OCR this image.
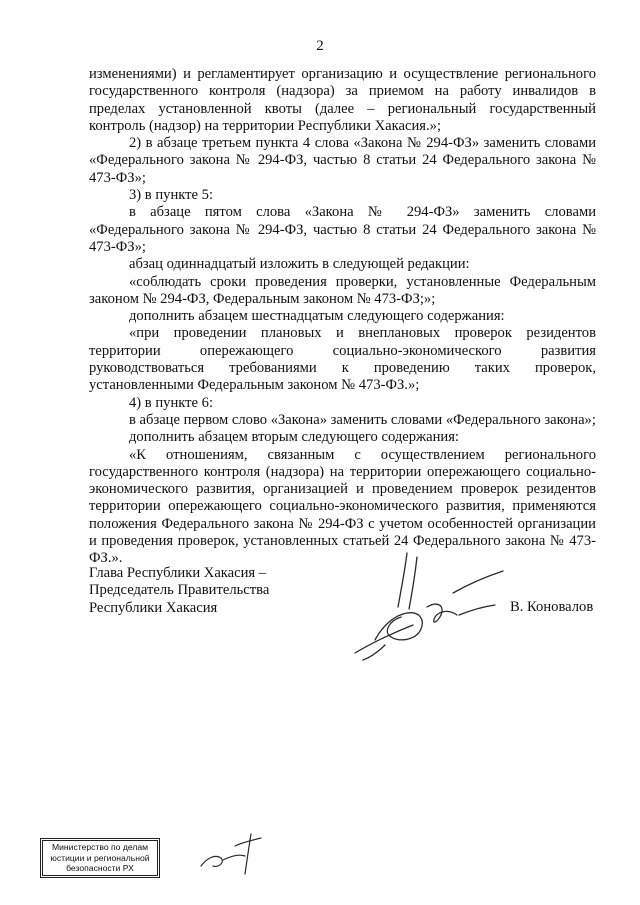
2

изменениями) и регламентирует организацию и осуществление регионального государственного контроля (надзора) за приемом на работу инвалидов в пределах установленной квоты (далее – региональный государственный контроль (надзор) на территории Республики Хакасия.»;

2) в абзаце третьем пункта 4 слова «Закона № 294-ФЗ» заменить словами «Федерального закона № 294-ФЗ, частью 8 статьи 24 Федерального закона № 473-ФЗ»;

3) в пункте 5:

в абзаце пятом слова «Закона № 294-ФЗ» заменить словами «Федерального закона № 294-ФЗ, частью 8 статьи 24 Федерального закона № 473-ФЗ»;

абзац одиннадцатый изложить в следующей редакции:

«соблюдать сроки проведения проверки, установленные Федеральным законом № 294-ФЗ, Федеральным законом № 473-ФЗ;»;

дополнить абзацем шестнадцатым следующего содержания:

«при проведении плановых и внеплановых проверок резидентов территории опережающего социально-экономического развития руководствоваться требованиями к проведению таких проверок, установленными Федеральным законом № 473-ФЗ.»;

4) в пункте 6:

в абзаце первом слово «Закона» заменить словами «Федерального закона»;

дополнить абзацем вторым следующего содержания:

«К отношениям, связанным с осуществлением регионального государственного контроля (надзора) на территории опережающего социально-экономического развития, организацией и проведением проверок резидентов территории опережающего социально-экономического развития, применяются положения Федерального закона № 294-ФЗ с учетом особенностей организации и проведения проверок, установленных статьей 24 Федерального закона № 473-ФЗ.».

Глава Республики Хакасия –
Председатель Правительства
Республики Хакасия	В. Коновалов
Министерство по делам
юстиции и региональной
безопасности РХ
